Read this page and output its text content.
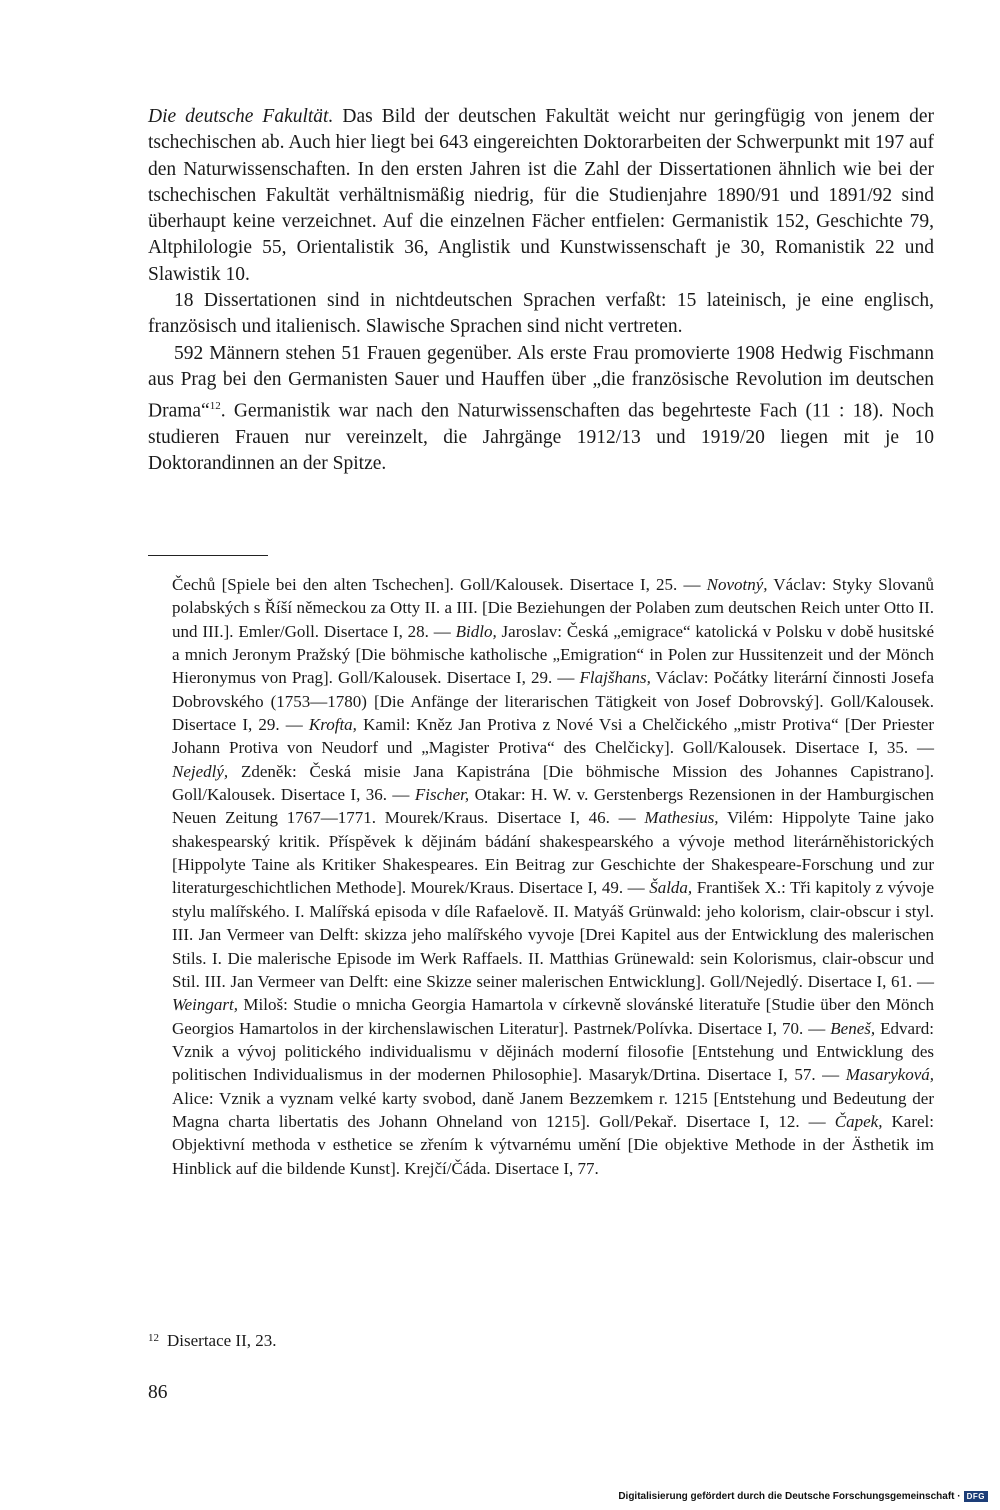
Die deutsche Fakultät. Das Bild der deutschen Fakultät weicht nur geringfügig von jenem der tschechischen ab. Auch hier liegt bei 643 eingereichten Doktorarbeiten der Schwerpunkt mit 197 auf den Naturwissenschaften. In den ersten Jahren ist die Zahl der Dissertationen ähnlich wie bei der tschechischen Fakultät verhältnismäßig niedrig, für die Studienjahre 1890/91 und 1891/92 sind überhaupt keine verzeichnet. Auf die einzelnen Fächer entfielen: Germanistik 152, Geschichte 79, Altphilologie 55, Orientalistik 36, Anglistik und Kunstwissenschaft je 30, Romanistik 22 und Slawistik 10.

18 Dissertationen sind in nichtdeutschen Sprachen verfaßt: 15 lateinisch, je eine englisch, französisch und italienisch. Slawische Sprachen sind nicht vertreten.

592 Männern stehen 51 Frauen gegenüber. Als erste Frau promovierte 1908 Hedwig Fischmann aus Prag bei den Germanisten Sauer und Hauffen über „die französische Revolution im deutschen Drama“$^{12}$. Germanistik war nach den Naturwissenschaften das begehrteste Fach (11 : 18). Noch studieren Frauen nur vereinzelt, die Jahrgänge 1912/13 und 1919/20 liegen mit je 10 Doktorandinnen an der Spitze.

Čechů [Spiele bei den alten Tschechen]. Goll/Kalousek. Disertace I, 25. — Novotný, Václav: Styky Slovanů polabských s Říší německou za Otty II. a III. [Die Beziehungen der Polaben zum deutschen Reich unter Otto II. und III.]. Emler/Goll. Disertace I, 28. — Bidlo, Jaroslav: Česká „emigrace“ katolická v Polsku v době husitské a mnich Jeronym Pražský [Die böhmische katholische „Emigration“ in Polen zur Hussitenzeit und der Mönch Hieronymus von Prag]. Goll/Kalousek. Disertace I, 29. — Flajšhans, Václav: Počátky literární činnosti Josefa Dobrovského (1753—1780) [Die Anfänge der literarischen Tätigkeit von Josef Dobrovský]. Goll/Kalousek. Disertace I, 29. — Krofta, Kamil: Kněz Jan Protiva z Nové Vsi a Chelčického „mistr Protiva“ [Der Priester Johann Protiva von Neudorf und „Magister Protiva“ des Chelčicky]. Goll/Kalousek. Disertace I, 35. — Nejedlý, Zdeněk: Česká misie Jana Kapistrána [Die böhmische Mission des Johannes Capistrano]. Goll/Kalousek. Disertace I, 36. — Fischer, Otakar: H. W. v. Gerstenbergs Rezensionen in der Hamburgischen Neuen Zeitung 1767—1771. Mourek/Kraus. Disertace I, 46. — Mathesius, Vilém: Hippolyte Taine jako shakespearský kritik. Příspěvek k dějinám bádání shakespearského a vývoje method literárněhistorických [Hippolyte Taine als Kritiker Shakespeares. Ein Beitrag zur Geschichte der Shakespeare-Forschung und zur literaturgeschichtlichen Methode]. Mourek/Kraus. Disertace I, 49. — Šalda, František X.: Tři kapitoly z vývoje stylu malířského. I. Malířská episoda v díle Rafaelově. II. Matyáš Grünwald: jeho kolorism, clair-obscur i styl. III. Jan Vermeer van Delft: skizza jeho malířského vyvoje [Drei Kapitel aus der Entwicklung des malerischen Stils. I. Die malerische Episode im Werk Raffaels. II. Matthias Grünewald: sein Kolorismus, clair-obscur und Stil. III. Jan Vermeer van Delft: eine Skizze seiner malerischen Entwicklung]. Goll/Nejedlý. Disertace I, 61. — Weingart, Miloš: Studie o mnicha Georgia Hamartola v církevně slovánské literatuře [Studie über den Mönch Georgios Hamartolos in der kirchenslawischen Literatur]. Pastrnek/Polívka. Disertace I, 70. — Beneš, Edvard: Vznik a vývoj politického individualismu v dějinách moderní filosofie [Entstehung und Entwicklung des politischen Individualismus in der modernen Philosophie]. Masaryk/Drtina. Disertace I, 57. — Masaryková, Alice: Vznik a vyznam velké karty svobod, daně Janem Bezzemkem r. 1215 [Entstehung und Bedeutung der Magna charta libertatis des Johann Ohneland von 1215]. Goll/Pekař. Disertace I, 12. — Čapek, Karel: Objektivní methoda v esthetice se zřením k výtvarnému umění [Die objektive Methode in der Ästhetik im Hinblick auf die bildende Kunst]. Krejčí/Čáda. Disertace I, 77.

$^{12}$ Disertace II, 23.
86
Digitalisierung gefördert durch die Deutsche Forschungsgemeinschaft · DFG
